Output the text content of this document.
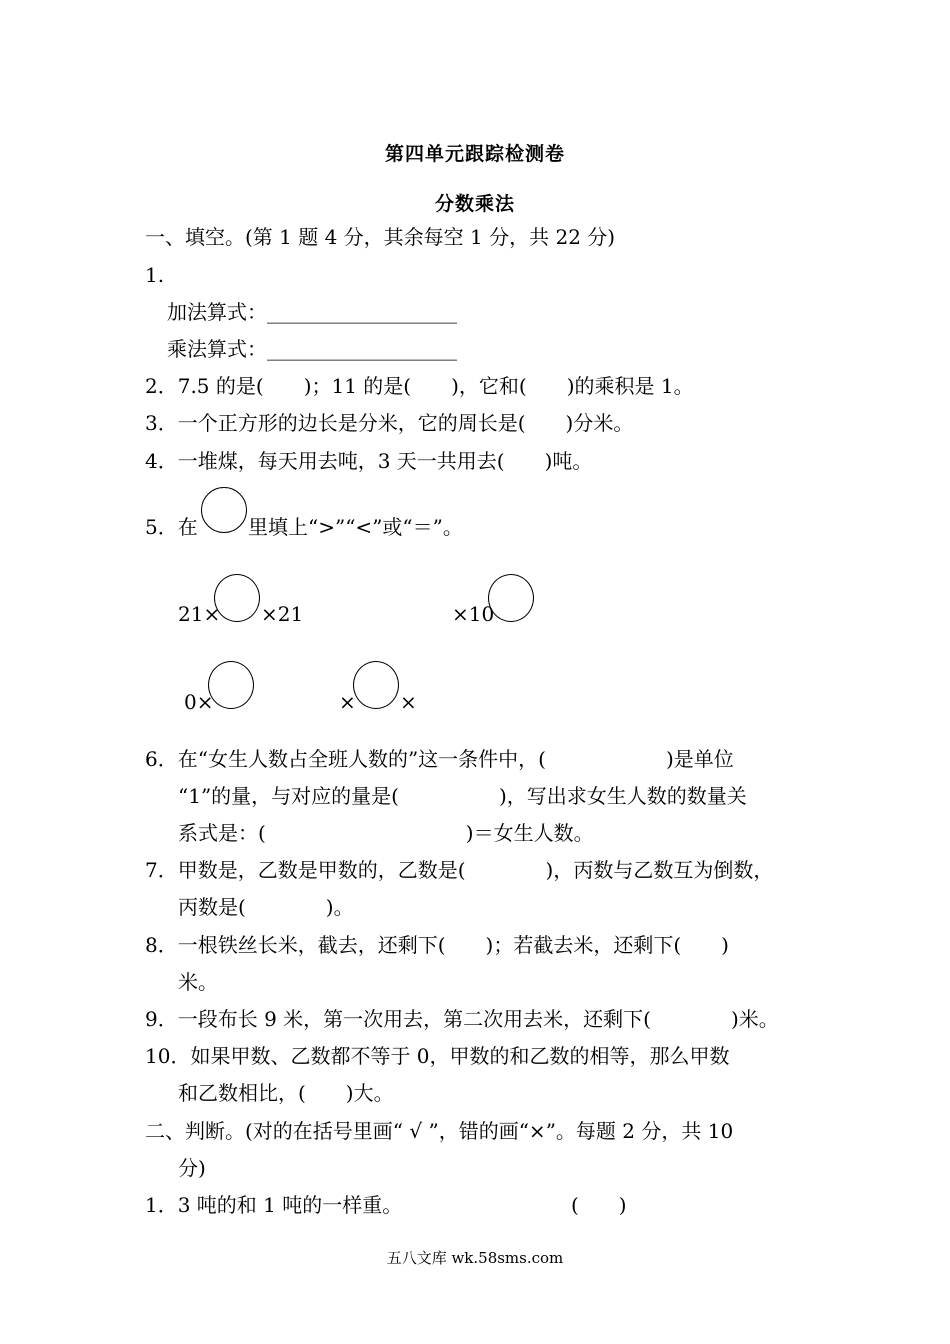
第四单元跟踪检测卷
分数乘法
一、填空。(第 1 题 4 分，其余每空 1 分，共 22 分)
1.
加法算式：___________________
乘法算式：___________________
2．7.5 的是(　　)；11 的是(　　)，它和(　　)的乘积是 1。
3．一个正方形的边长是分米，它的周长是(　　)分米。
4．一堆煤，每天用去吨，3 天一共用去(　　)吨。
5．在	里填上“>”“<”或“＝”。
21× ×21	×10
0×	× ×
6．在“女生人数占全班人数的”这一条件中，(　　　　　　)是单位
“1”的量，与对应的量是(　　　　　)，写出求女生人数的数量关
系式是：(　　　　　　　　　　)＝女生人数。
7．甲数是，乙数是甲数的，乙数是(　　　　)，丙数与乙数互为倒数，
丙数是(　　　　)。
8．一根铁丝长米，截去，还剩下(　　)；若截去米，还剩下(　　)
米。
9．一段布长 9 米，第一次用去，第二次用去米，还剩下(　　　　)米。
10．如果甲数、乙数都不等于 0，甲数的和乙数的相等，那么甲数
和乙数相比，(　　)大。
二、判断。(对的在括号里画“ √ ”，错的画“×”。每题 2 分，共 10
分)
1．3 吨的和 1 吨的一样重。	(　　)
五八文库 wk.58sms.com
